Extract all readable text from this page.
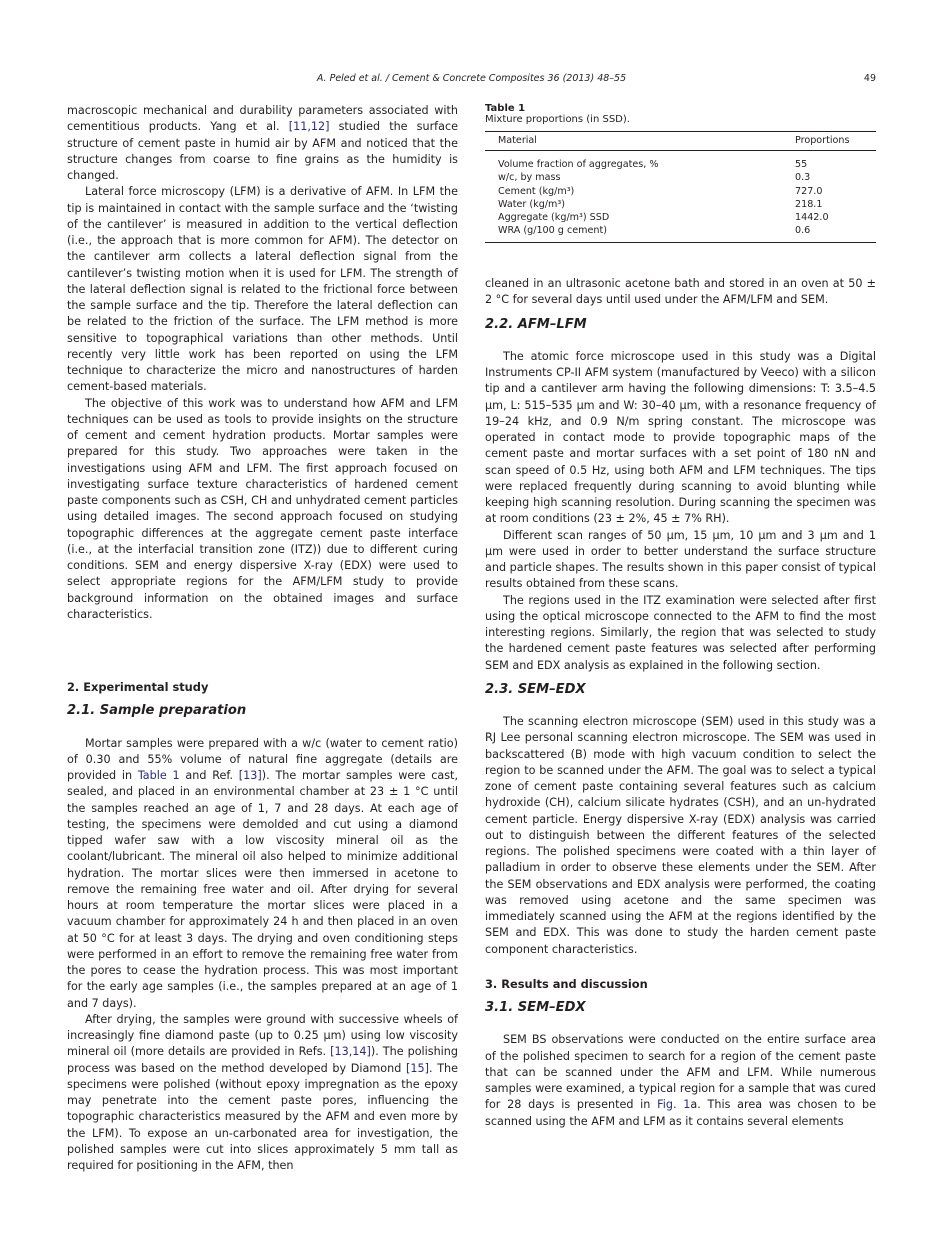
A. Peled et al. / Cement & Concrete Composites 36 (2013) 48–55	49

macroscopic mechanical and durability parameters associated with cementitious products. Yang et al. [11,12] studied the surface structure of cement paste in humid air by AFM and noticed that the structure changes from coarse to fine grains as the humidity is changed.

Lateral force microscopy (LFM) is a derivative of AFM. In LFM the tip is maintained in contact with the sample surface and the ‘twisting of the cantilever’ is measured in addition to the vertical deflection (i.e., the approach that is more common for AFM). The detector on the cantilever arm collects a lateral deflection signal from the cantilever’s twisting motion when it is used for LFM. The strength of the lateral deflection signal is related to the frictional force between the sample surface and the tip. Therefore the lateral deflection can be related to the friction of the surface. The LFM method is more sensitive to topographical variations than other methods. Until recently very little work has been reported on using the LFM technique to characterize the micro and nanostructures of harden cement-based materials.

The objective of this work was to understand how AFM and LFM techniques can be used as tools to provide insights on the structure of cement and cement hydration products. Mortar samples were prepared for this study. Two approaches were taken in the investigations using AFM and LFM. The first approach focused on investigating surface texture characteristics of hardened cement paste components such as CSH, CH and unhydrated cement particles using detailed images. The second approach focused on studying topographic differences at the aggregate cement paste interface (i.e., at the interfacial transition zone (ITZ)) due to different curing conditions. SEM and energy dispersive X-ray (EDX) were used to select appropriate regions for the AFM/LFM study to provide background information on the obtained images and surface characteristics.

2. Experimental study
2.1. Sample preparation

Mortar samples were prepared with a w/c (water to cement ratio) of 0.30 and 55% volume of natural fine aggregate (details are provided in Table 1 and Ref. [13]). The mortar samples were cast, sealed, and placed in an environmental chamber at 23 ± 1 °C until the samples reached an age of 1, 7 and 28 days. At each age of testing, the specimens were demolded and cut using a diamond tipped wafer saw with a low viscosity mineral oil as the coolant/lubricant. The mineral oil also helped to minimize additional hydration. The mortar slices were then immersed in acetone to remove the remaining free water and oil. After drying for several hours at room temperature the mortar slices were placed in a vacuum chamber for approximately 24 h and then placed in an oven at 50 °C for at least 3 days. The drying and oven conditioning steps were performed in an effort to remove the remaining free water from the pores to cease the hydration process. This was most important for the early age samples (i.e., the samples prepared at an age of 1 and 7 days).

After drying, the samples were ground with successive wheels of increasingly fine diamond paste (up to 0.25 µm) using low viscosity mineral oil (more details are provided in Refs. [13,14]). The polishing process was based on the method developed by Diamond [15]. The specimens were polished (without epoxy impregnation as the epoxy may penetrate into the cement paste pores, influencing the topographic characteristics measured by the AFM and even more by the LFM). To expose an un-carbonated area for investigation, the polished samples were cut into slices approximately 5 mm tall as required for positioning in the AFM, then

Table 1
Mixture proportions (in SSD).
Material	Proportions
Volume fraction of aggregates, %	55
w/c, by mass	0.3
Cement (kg/m³)	727.0
Water (kg/m³)	218.1
Aggregate (kg/m³) SSD	1442.0
WRA (g/100 g cement)	0.6

cleaned in an ultrasonic acetone bath and stored in an oven at 50 ± 2 °C for several days until used under the AFM/LFM and SEM.

2.2. AFM–LFM

The atomic force microscope used in this study was a Digital Instruments CP-II AFM system (manufactured by Veeco) with a silicon tip and a cantilever arm having the following dimensions: T: 3.5–4.5 µm, L: 515–535 µm and W: 30–40 µm, with a resonance frequency of 19–24 kHz, and 0.9 N/m spring constant. The microscope was operated in contact mode to provide topographic maps of the cement paste and mortar surfaces with a set point of 180 nN and scan speed of 0.5 Hz, using both AFM and LFM techniques. The tips were replaced frequently during scanning to avoid blunting while keeping high scanning resolution. During scanning the specimen was at room conditions (23 ± 2%, 45 ± 7% RH).

Different scan ranges of 50 µm, 15 µm, 10 µm and 3 µm and 1 µm were used in order to better understand the surface structure and particle shapes. The results shown in this paper consist of typical results obtained from these scans.

The regions used in the ITZ examination were selected after first using the optical microscope connected to the AFM to find the most interesting regions. Similarly, the region that was selected to study the hardened cement paste features was selected after performing SEM and EDX analysis as explained in the following section.

2.3. SEM–EDX

The scanning electron microscope (SEM) used in this study was a RJ Lee personal scanning electron microscope. The SEM was used in backscattered (B) mode with high vacuum condition to select the region to be scanned under the AFM. The goal was to select a typical zone of cement paste containing several features such as calcium hydroxide (CH), calcium silicate hydrates (CSH), and an un-hydrated cement particle. Energy dispersive X-ray (EDX) analysis was carried out to distinguish between the different features of the selected regions. The polished specimens were coated with a thin layer of palladium in order to observe these elements under the SEM. After the SEM observations and EDX analysis were performed, the coating was removed using acetone and the same specimen was immediately scanned using the AFM at the regions identified by the SEM and EDX. This was done to study the harden cement paste component characteristics.

3. Results and discussion
3.1. SEM–EDX

SEM BS observations were conducted on the entire surface area of the polished specimen to search for a region of the cement paste that can be scanned under the AFM and LFM. While numerous samples were examined, a typical region for a sample that was cured for 28 days is presented in Fig. 1a. This area was chosen to be scanned using the AFM and LFM as it contains several elements
